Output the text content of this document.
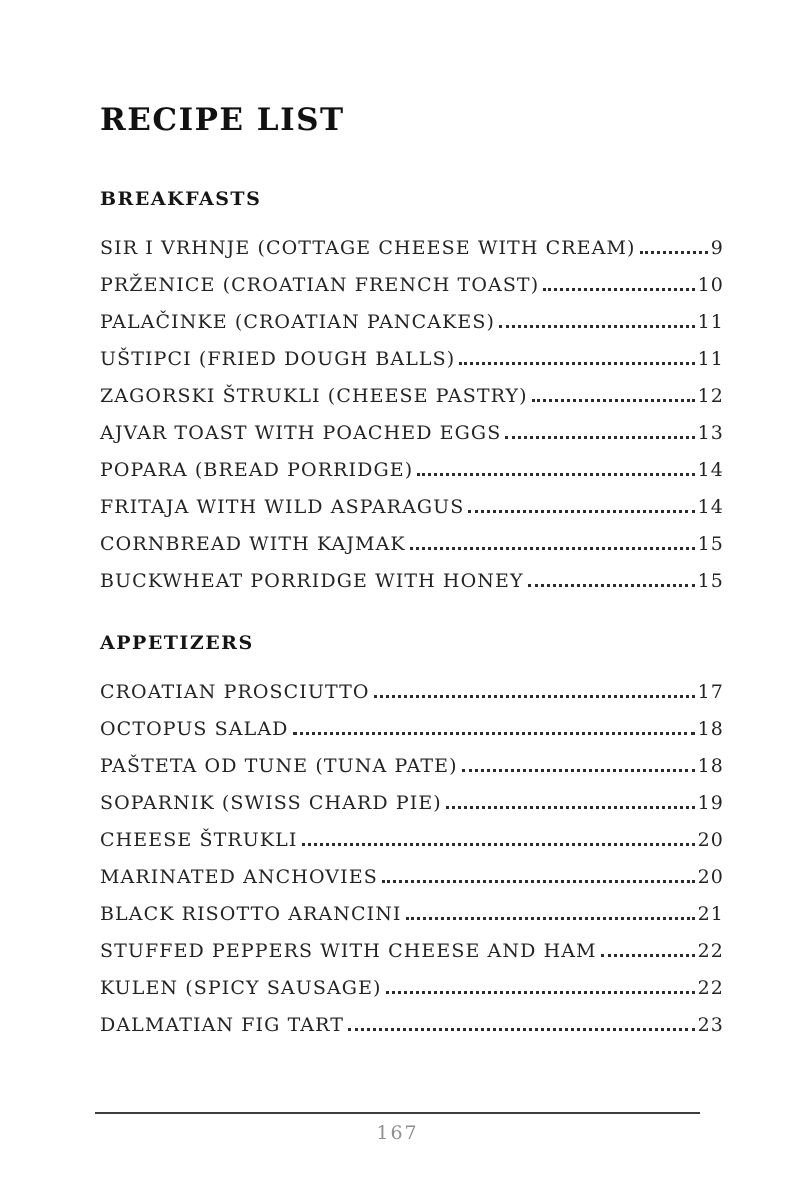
RECIPE LIST
BREAKFASTS
SIR I VRHNJE (COTTAGE CHEESE WITH CREAM)	9
PRŽENICE (CROATIAN FRENCH TOAST)	10
PALAČINKE (CROATIAN PANCAKES)	11
UŠTIPCI (FRIED DOUGH BALLS)	11
ZAGORSKI ŠTRUKLI (CHEESE PASTRY)	12
AJVAR TOAST WITH POACHED EGGS	13
POPARA (BREAD PORRIDGE)	14
FRITAJA WITH WILD ASPARAGUS	14
CORNBREAD WITH KAJMAK	15
BUCKWHEAT PORRIDGE WITH HONEY	15
APPETIZERS
CROATIAN PROSCIUTTO	17
OCTOPUS SALAD	18
PAŠTETA OD TUNE (TUNA PATE)	18
SOPARNIK (SWISS CHARD PIE)	19
CHEESE ŠTRUKLI	20
MARINATED ANCHOVIES	20
BLACK RISOTTO ARANCINI	21
STUFFED PEPPERS WITH CHEESE AND HAM	22
KULEN (SPICY SAUSAGE)	22
DALMATIAN FIG TART	23
167
